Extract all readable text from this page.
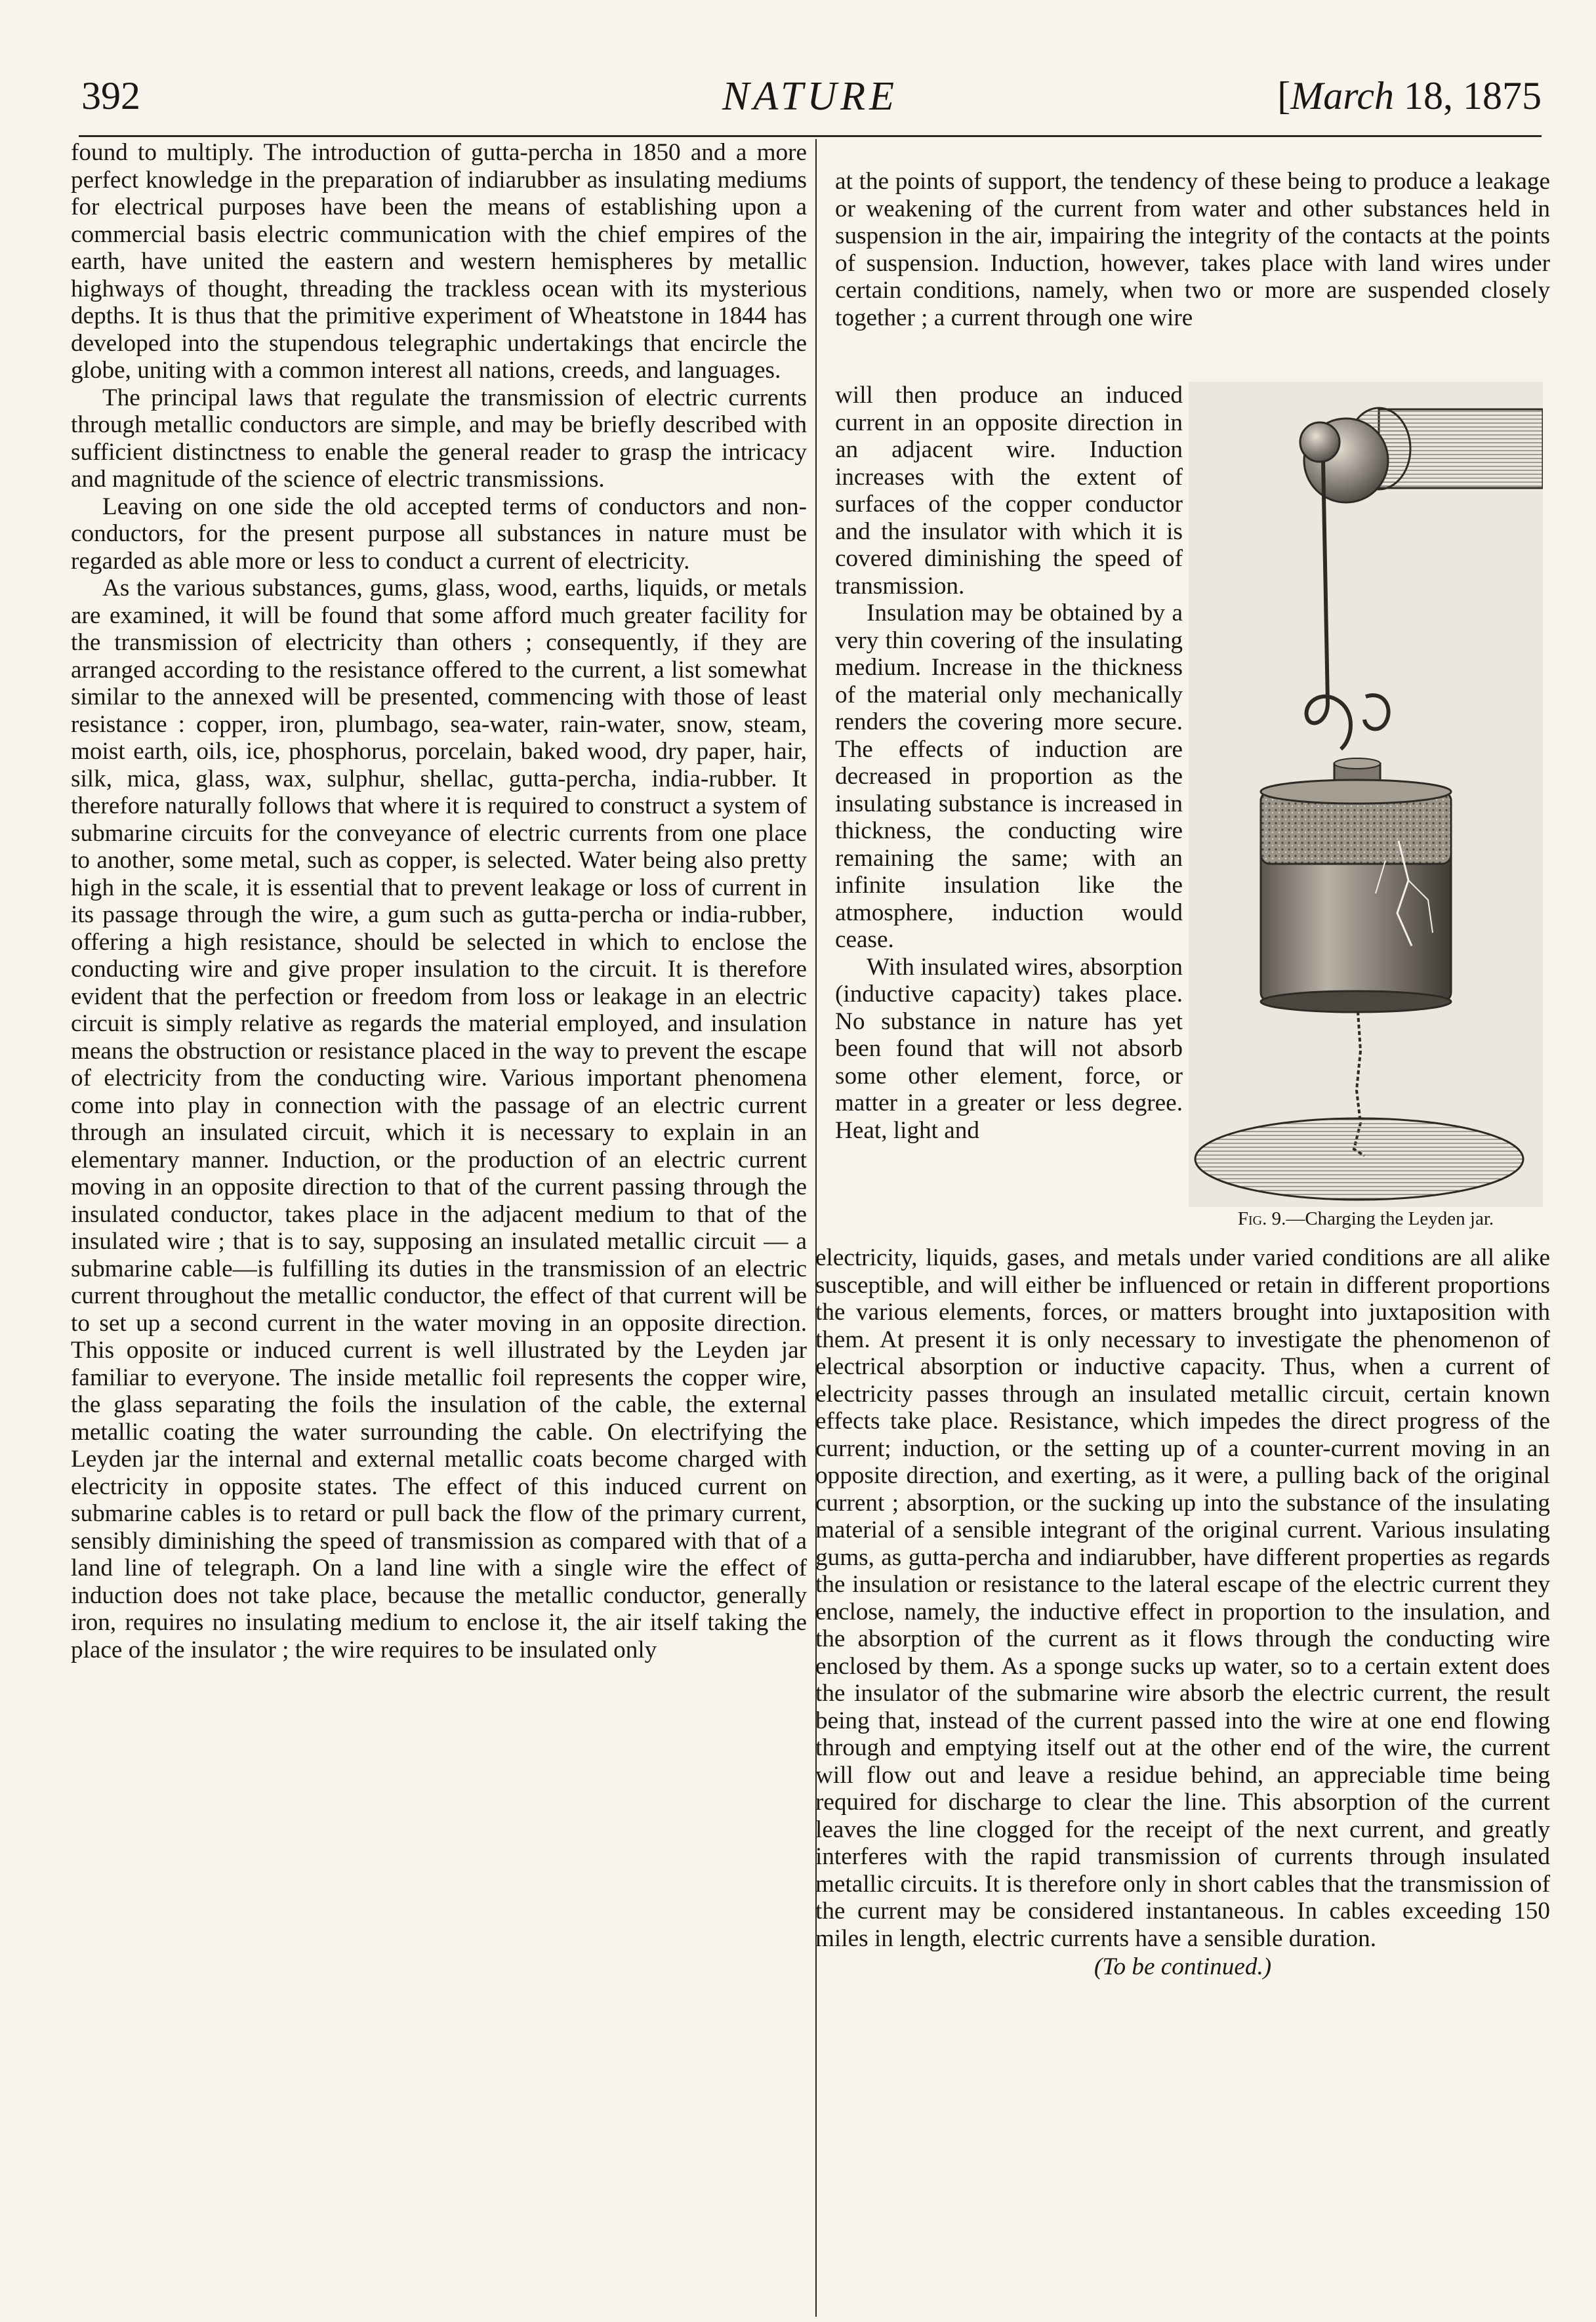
392	NATURE	[March 18, 1875

found to multiply. The introduction of gutta-percha in 1850 and a more perfect knowledge in the preparation of indiarubber as insulating mediums for electrical purposes have been the means of establishing upon a commercial basis electric communication with the chief empires of the earth, have united the eastern and western hemispheres by metallic highways of thought, threading the trackless ocean with its mysterious depths. It is thus that the primitive experiment of Wheatstone in 1844 has developed into the stupendous telegraphic undertakings that encircle the globe, uniting with a common interest all nations, creeds, and languages.

The principal laws that regulate the transmission of electric currents through metallic conductors are simple, and may be briefly described with sufficient distinctness to enable the general reader to grasp the intricacy and magnitude of the science of electric transmissions.

Leaving on one side the old accepted terms of conductors and non-conductors, for the present purpose all substances in nature must be regarded as able more or less to conduct a current of electricity.

As the various substances, gums, glass, wood, earths, liquids, or metals are examined, it will be found that some afford much greater facility for the transmission of electricity than others ; consequently, if they are arranged according to the resistance offered to the current, a list somewhat similar to the annexed will be presented, commencing with those of least resistance : copper, iron, plumbago, sea-water, rain-water, snow, steam, moist earth, oils, ice, phosphorus, porcelain, baked wood, dry paper, hair, silk, mica, glass, wax, sulphur, shellac, gutta-percha, india-rubber. It therefore naturally follows that where it is required to construct a system of submarine circuits for the conveyance of electric currents from one place to another, some metal, such as copper, is selected. Water being also pretty high in the scale, it is essential that to prevent leakage or loss of current in its passage through the wire, a gum such as gutta-percha or india-rubber, offering a high resistance, should be selected in which to enclose the conducting wire and give proper insulation to the circuit. It is therefore evident that the perfection or freedom from loss or leakage in an electric circuit is simply relative as regards the material employed, and insulation means the obstruction or resistance placed in the way to prevent the escape of electricity from the conducting wire. Various important phenomena come into play in connection with the passage of an electric current through an insulated circuit, which it is necessary to explain in an elementary manner. Induction, or the production of an electric current moving in an opposite direction to that of the current passing through the insulated conductor, takes place in the adjacent medium to that of the insulated wire ; that is to say, supposing an insulated metallic circuit — a submarine cable—is fulfilling its duties in the transmission of an electric current throughout the metallic conductor, the effect of that current will be to set up a second current in the water moving in an opposite direction. This opposite or induced current is well illustrated by the Leyden jar familiar to everyone. The inside metallic foil represents the copper wire, the glass separating the foils the insulation of the cable, the external metallic coating the water surrounding the cable. On electrifying the Leyden jar the internal and external metallic coats become charged with electricity in opposite states. The effect of this induced current on submarine cables is to retard or pull back the flow of the primary current, sensibly diminishing the speed of transmission as compared with that of a land line of telegraph. On a land line with a single wire the effect of induction does not take place, because the metallic conductor, generally iron, requires no insulating medium to enclose it, the air itself taking the place of the insulator ; the wire requires to be insulated only

at the points of support, the tendency of these being to produce a leakage or weakening of the current from water and other substances held in suspension in the air, impairing the integrity of the contacts at the points of suspension. Induction, however, takes place with land wires under certain conditions, namely, when two or more are suspended closely together ; a current through one wire

will then produce an induced current in an opposite direction in an adjacent wire. Induction increases with the extent of surfaces of the copper conductor and the insulator with which it is covered diminishing the speed of transmission.

Insulation may be obtained by a very thin covering of the insulating medium. Increase in the thickness of the material only mechanically renders the covering more secure. The effects of induction are decreased in proportion as the insulating substance is increased in thickness, the conducting wire remaining the same; with an infinite insulation like the atmosphere, induction would cease.

With insulated wires, absorption (inductive capacity) takes place. No substance in nature has yet been found that will not absorb some other element, force, or matter in a greater or less degree. Heat, light and

Fig. 9.—Charging the Leyden jar.

electricity, liquids, gases, and metals under varied conditions are all alike susceptible, and will either be influenced or retain in different proportions the various elements, forces, or matters brought into juxtaposition with them. At present it is only necessary to investigate the phenomenon of electrical absorption or inductive capacity. Thus, when a current of electricity passes through an insulated metallic circuit, certain known effects take place. Resistance, which impedes the direct progress of the current; induction, or the setting up of a counter-current moving in an opposite direction, and exerting, as it were, a pulling back of the original current ; absorption, or the sucking up into the substance of the insulating material of a sensible integrant of the original current. Various insulating gums, as gutta-percha and indiarubber, have different properties as regards the insulation or resistance to the lateral escape of the electric current they enclose, namely, the inductive effect in proportion to the insulation, and the absorption of the current as it flows through the conducting wire enclosed by them. As a sponge sucks up water, so to a certain extent does the insulator of the submarine wire absorb the electric current, the result being that, instead of the current passed into the wire at one end flowing through and emptying itself out at the other end of the wire, the current will flow out and leave a residue behind, an appreciable time being required for discharge to clear the line. This absorption of the current leaves the line clogged for the receipt of the next current, and greatly interferes with the rapid transmission of currents through insulated metallic circuits. It is therefore only in short cables that the transmission of the current may be considered instantaneous. In cables exceeding 150 miles in length, electric currents have a sensible duration.

(To be continued.)
